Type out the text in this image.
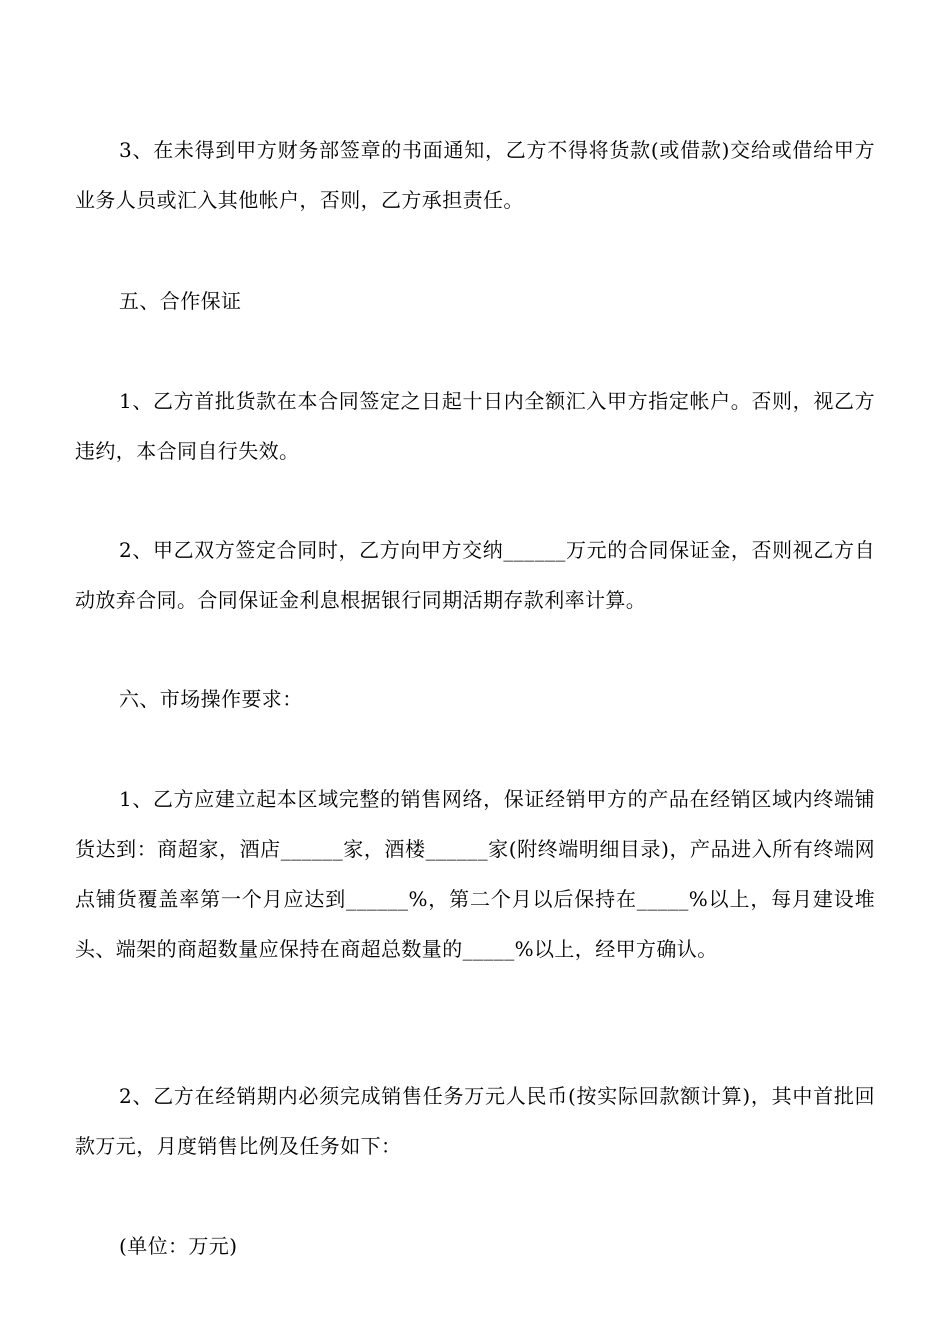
3、在未得到甲方财务部签章的书面通知，乙方不得将货款(或借款)交给或借给甲方业务人员或汇入其他帐户，否则，乙方承担责任。

五、合作保证

1、乙方首批货款在本合同签定之日起十日内全额汇入甲方指定帐户。否则，视乙方违约，本合同自行失效。

2、甲乙双方签定合同时，乙方向甲方交纳______万元的合同保证金，否则视乙方自动放弃合同。合同保证金利息根据银行同期活期存款利率计算。

六、市场操作要求：

1、乙方应建立起本区域完整的销售网络，保证经销甲方的产品在经销区域内终端铺货达到：商超家，酒店______家，酒楼______家(附终端明细目录)，产品进入所有终端网点铺货覆盖率第一个月应达到______%，第二个月以后保持在_____%以上，每月建设堆头、端架的商超数量应保持在商超总数量的_____%以上，经甲方确认。

2、乙方在经销期内必须完成销售任务万元人民币(按实际回款额计算)，其中首批回款万元，月度销售比例及任务如下：

(单位：万元)
